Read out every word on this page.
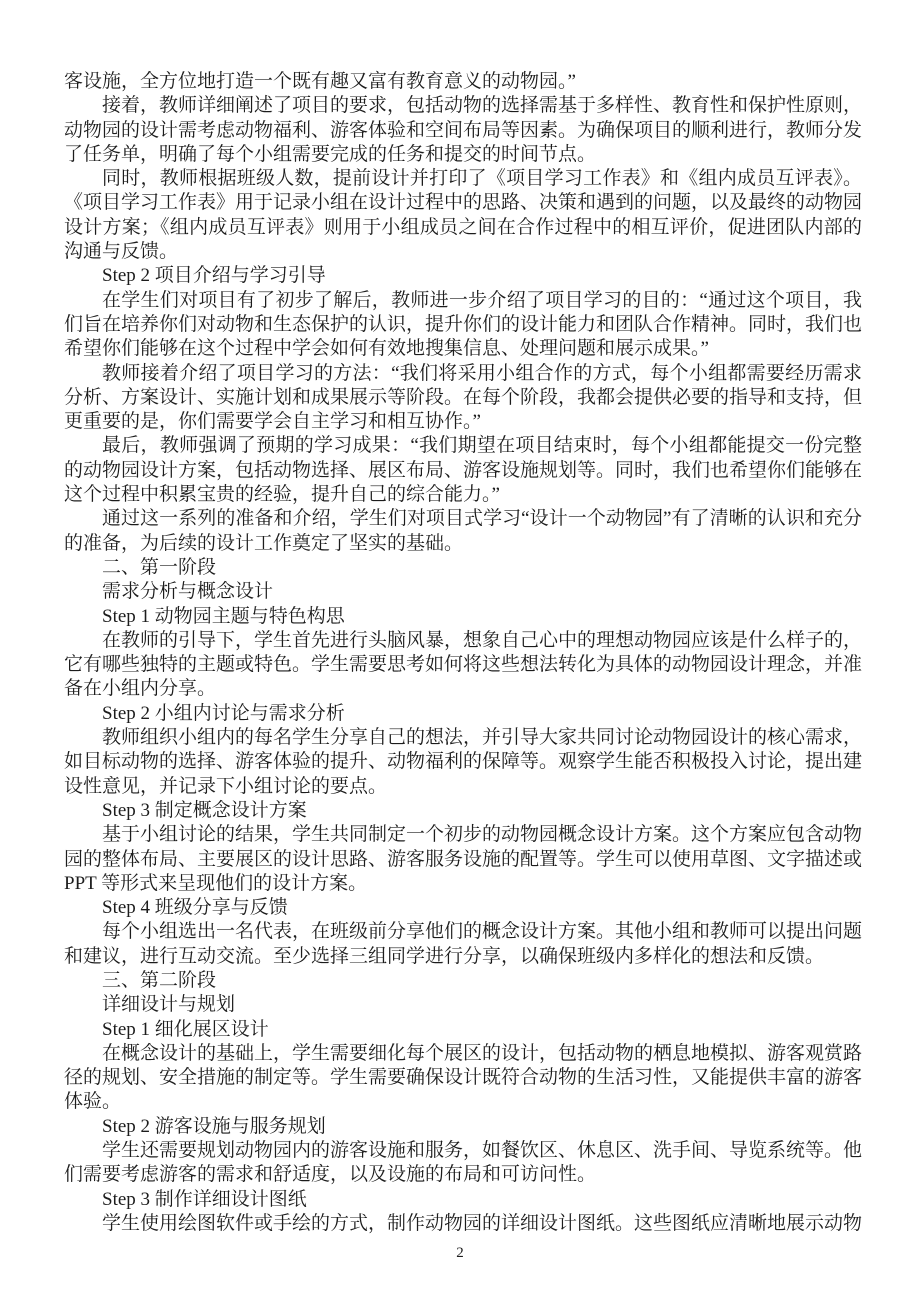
客设施，全方位地打造一个既有趣又富有教育意义的动物园。”

接着，教师详细阐述了项目的要求，包括动物的选择需基于多样性、教育性和保护性原则，动物园的设计需考虑动物福利、游客体验和空间布局等因素。为确保项目的顺利进行，教师分发了任务单，明确了每个小组需要完成的任务和提交的时间节点。

同时，教师根据班级人数，提前设计并打印了《项目学习工作表》和《组内成员互评表》。《项目学习工作表》用于记录小组在设计过程中的思路、决策和遇到的问题，以及最终的动物园设计方案；《组内成员互评表》则用于小组成员之间在合作过程中的相互评价，促进团队内部的沟通与反馈。

Step 2 项目介绍与学习引导

在学生们对项目有了初步了解后，教师进一步介绍了项目学习的目的：“通过这个项目，我们旨在培养你们对动物和生态保护的认识，提升你们的设计能力和团队合作精神。同时，我们也希望你们能够在这个过程中学会如何有效地搜集信息、处理问题和展示成果。”

教师接着介绍了项目学习的方法：“我们将采用小组合作的方式，每个小组都需要经历需求分析、方案设计、实施计划和成果展示等阶段。在每个阶段，我都会提供必要的指导和支持，但更重要的是，你们需要学会自主学习和相互协作。”

最后，教师强调了预期的学习成果：“我们期望在项目结束时，每个小组都能提交一份完整的动物园设计方案，包括动物选择、展区布局、游客设施规划等。同时，我们也希望你们能够在这个过程中积累宝贵的经验，提升自己的综合能力。”

通过这一系列的准备和介绍，学生们对项目式学习“设计一个动物园”有了清晰的认识和充分的准备，为后续的设计工作奠定了坚实的基础。

二、第一阶段

需求分析与概念设计

Step 1 动物园主题与特色构思

在教师的引导下，学生首先进行头脑风暴，想象自己心中的理想动物园应该是什么样子的，它有哪些独特的主题或特色。学生需要思考如何将这些想法转化为具体的动物园设计理念，并准备在小组内分享。

Step 2 小组内讨论与需求分析

教师组织小组内的每名学生分享自己的想法，并引导大家共同讨论动物园设计的核心需求，如目标动物的选择、游客体验的提升、动物福利的保障等。观察学生能否积极投入讨论，提出建设性意见，并记录下小组讨论的要点。

Step 3 制定概念设计方案

基于小组讨论的结果，学生共同制定一个初步的动物园概念设计方案。这个方案应包含动物园的整体布局、主要展区的设计思路、游客服务设施的配置等。学生可以使用草图、文字描述或 PPT 等形式来呈现他们的设计方案。

Step 4 班级分享与反馈

每个小组选出一名代表，在班级前分享他们的概念设计方案。其他小组和教师可以提出问题和建议，进行互动交流。至少选择三组同学进行分享，以确保班级内多样化的想法和反馈。

三、第二阶段

详细设计与规划

Step 1 细化展区设计

在概念设计的基础上，学生需要细化每个展区的设计，包括动物的栖息地模拟、游客观赏路径的规划、安全措施的制定等。学生需要确保设计既符合动物的生活习性，又能提供丰富的游客体验。

Step 2 游客设施与服务规划

学生还需要规划动物园内的游客设施和服务，如餐饮区、休息区、洗手间、导览系统等。他们需要考虑游客的需求和舒适度，以及设施的布局和可访问性。

Step 3 制作详细设计图纸

学生使用绘图软件或手绘的方式，制作动物园的详细设计图纸。这些图纸应清晰地展示动物

2
